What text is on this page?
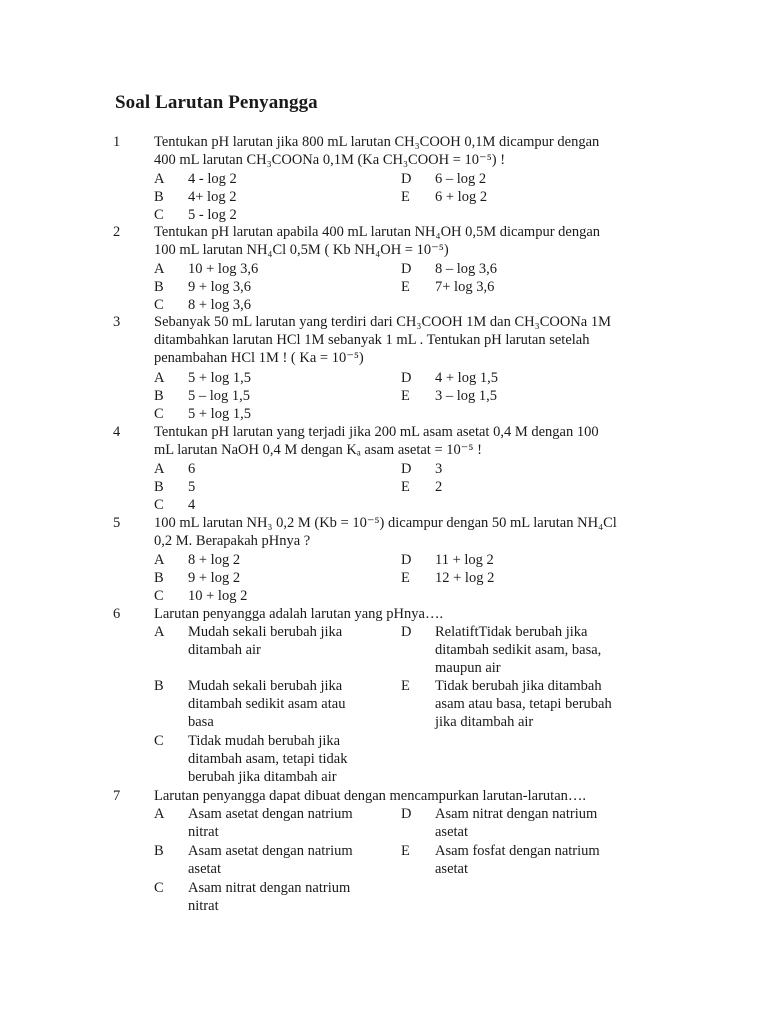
Soal Larutan Penyangga
1 Tentukan pH larutan jika 800 mL larutan CH₃COOH 0,1M dicampur dengan
400 mL larutan CH₃COONa 0,1M (Ka CH₃COOH = 10⁻⁵) !
A 4 - log 2
B 4+ log 2
C 5 - log 2
D 6 – log 2
E 6 + log 2
2 Tentukan pH larutan apabila 400 mL larutan NH₄OH 0,5M dicampur dengan
100 mL larutan NH₄Cl 0,5M ( Kb NH₄OH = 10⁻⁵)
A 10 + log 3,6
B 9 + log 3,6
C 8 + log 3,6
D 8 – log 3,6
E 7+ log 3,6
3 Sebanyak 50 mL larutan yang terdiri dari CH₃COOH 1M dan CH₃COONa 1M
ditambahkan larutan HCl 1M sebanyak 1 mL . Tentukan pH larutan setelah
penambahan HCl 1M ! ( Ka = 10⁻⁵)
A 5 + log 1,5
B 5 – log 1,5
C 5 + log 1,5
D 4 + log 1,5
E 3 – log 1,5
4 Tentukan pH larutan yang terjadi jika 200 mL asam asetat 0,4 M dengan 100
mL larutan NaOH 0,4 M dengan Kₐ asam asetat = 10⁻⁵ !
A 6
B 5
C 4
D 3
E 2
5 100 mL larutan NH₃ 0,2 M (Kb = 10⁻⁵) dicampur dengan 50 mL larutan NH₄Cl
0,2 M. Berapakah pHnya ?
A 8 + log 2
B 9 + log 2
C 10 + log 2
D 11 + log 2
E 12 + log 2
6 Larutan penyangga adalah larutan yang pHnya….
A Mudah sekali berubah jika ditambah air
B Mudah sekali berubah jika ditambah sedikit asam atau basa
C Tidak mudah berubah jika ditambah asam, tetapi tidak berubah jika ditambah air
D RelatiftTidak berubah jika ditambah sedikit asam, basa, maupun air
E Tidak berubah jika ditambah asam atau basa, tetapi berubah jika ditambah air
7 Larutan penyangga dapat dibuat dengan mencampurkan larutan-larutan….
A Asam asetat dengan natrium nitrat
B Asam asetat dengan natrium asetat
C Asam nitrat dengan natrium nitrat
D Asam nitrat dengan natrium asetat
E Asam fosfat dengan natrium asetat
